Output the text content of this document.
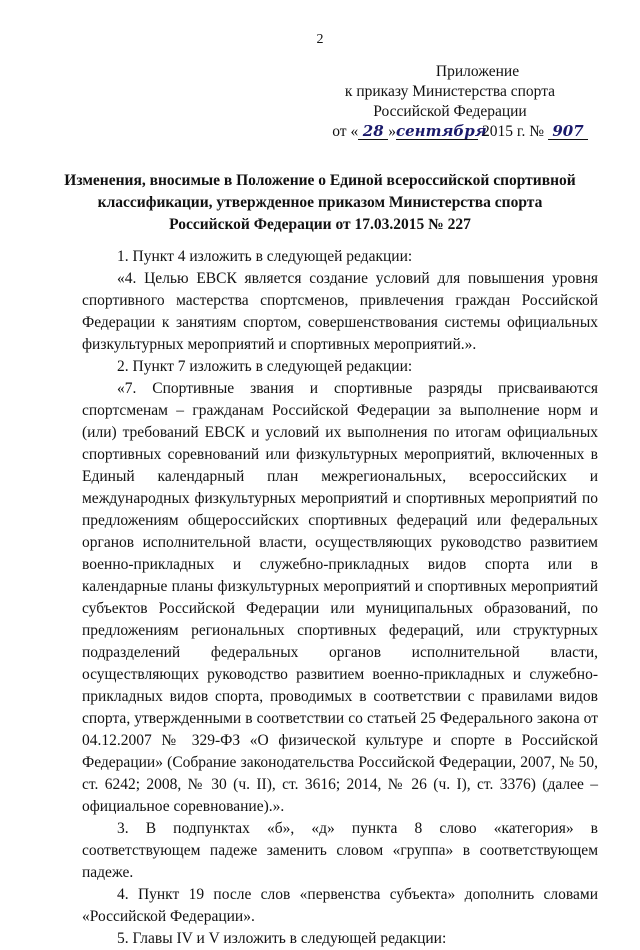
2
Приложение
к приказу Министерства спорта
Российской Федерации
от « 28 » сентября
2015 г. № 907
Изменения, вносимые в Положение о Единой всероссийской спортивной классификации, утвержденное приказом Министерства спорта Российской Федерации от 17.03.2015 № 227

1. Пункт 4 изложить в следующей редакции:

«4. Целью ЕВСК является создание условий для повышения уровня спортивного мастерства спортсменов, привлечения граждан Российской Федерации к занятиям спортом, совершенствования системы официальных физкультурных мероприятий и спортивных мероприятий.».

2. Пункт 7 изложить в следующей редакции:

«7. Спортивные звания и спортивные разряды присваиваются спортсменам – гражданам Российской Федерации за выполнение норм и (или) требований ЕВСК и условий их выполнения по итогам официальных спортивных соревнований или физкультурных мероприятий, включенных в Единый календарный план межрегиональных, всероссийских и международных физкультурных мероприятий и спортивных мероприятий по предложениям общероссийских спортивных федераций или федеральных органов исполнительной власти, осуществляющих руководство развитием военно-прикладных и служебно-прикладных видов спорта или в календарные планы физкультурных мероприятий и спортивных мероприятий субъектов Российской Федерации или муниципальных образований, по предложениям региональных спортивных федераций, или структурных подразделений федеральных органов исполнительной власти, осуществляющих руководство развитием военно-прикладных и служебно-прикладных видов спорта, проводимых в соответствии с правилами видов спорта, утвержденными в соответствии со статьей 25 Федерального закона от 04.12.2007 № 329-ФЗ «О физической культуре и спорте в Российской Федерации» (Собрание законодательства Российской Федерации, 2007, № 50, ст. 6242; 2008, № 30 (ч. II), ст. 3616; 2014, № 26 (ч. I), ст. 3376) (далее – официальное соревнование).».

3. В подпунктах «б», «д» пункта 8 слово «категория» в соответствующем падеже заменить словом «группа» в соответствующем падеже.

4. Пункт 19 после слов «первенства субъекта» дополнить словами «Российской Федерации».

5. Главы IV и V изложить в следующей редакции:
